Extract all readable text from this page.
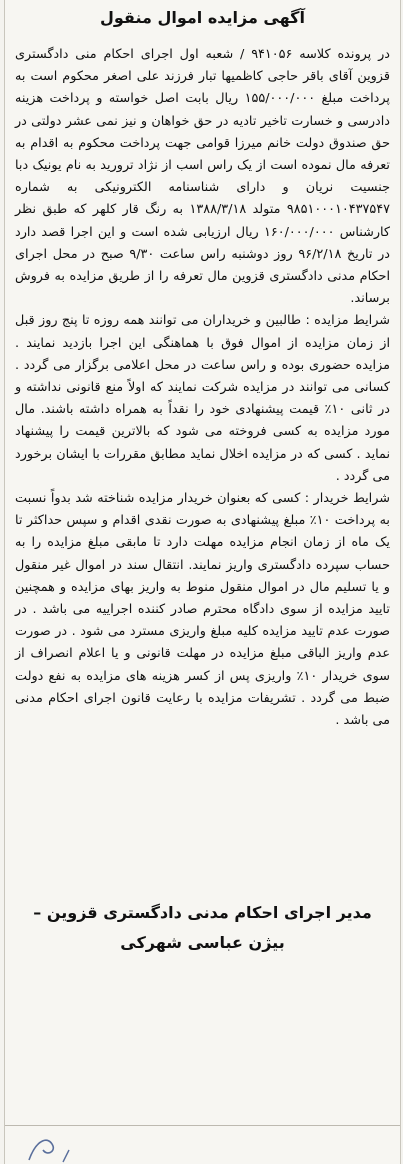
آگهی مزایده اموال منقول

در پرونده کلاسه ۹۴۱۰۵۶ / شعبه اول اجرای احکام منی دادگستری قزوین آقای باقر حاجی کاظمیها تبار فرزند علی اصغر محکوم است به پرداخت مبلغ ۱۵۵/۰۰۰/۰۰۰ ریال بابت اصل خواسته و پرداخت هزینه دادرسی و خسارت تاخیر تادیه در حق خواهان و نیز نمی عشر دولتی در حق صندوق دولت خانم میرزا قوامی جهت پرداخت محکوم به اقدام به تعرفه مال نموده است از یک راس اسب از نژاد ترورید به نام یونیک دبا جنسیت نریان و دارای شناسنامه الکترونیکی به شماره ۹۸۵۱۰۰۰۱۰۴۳۷۵۴۷ متولد ۱۳۸۸/۳/۱۸ به رنگ قار کلهر که طبق نظر کارشناس ۱۶۰/۰۰۰/۰۰۰ ریال ارزیابی شده است و این اجرا قصد دارد در تاریخ ۹۶/۲/۱۸ روز دوشنبه راس ساعت ۹/۳۰ صبح در محل اجرای احکام مدنی دادگستری قزوین مال تعرفه را از طریق مزایده به فروش برساند.

شرایط مزایده : طالبین و خریداران می توانند همه روزه تا پنج روز قبل از زمان مزایده از اموال فوق با هماهنگی این اجرا بازدید نمایند . مزایده حضوری بوده و راس ساعت در محل اعلامی برگزار می گردد . کسانی می توانند در مزایده شرکت نمایند که اولاً منع قانونی نداشته و در ثانی ۱۰٪ قیمت پیشنهادی خود را نقداً به همراه داشته باشند. مال مورد مزایده به کسی فروخته می شود که بالاترین قیمت را پیشنهاد نماید . کسی که در مزایده اخلال نماید مطابق مقررات با ایشان برخورد می گردد .

شرایط خریدار : کسی که بعنوان خریدار مزایده شناخته شد بدواً نسبت به پرداخت ۱۰٪ مبلغ پیشنهادی به صورت نقدی اقدام و سپس حداکثر تا یک ماه از زمان انجام مزایده مهلت دارد تا مابقی مبلغ مزایده را به حساب سپرده دادگستری واریز نمایند. انتقال سند در اموال غیر منقول و یا تسلیم مال در اموال منقول منوط به واریز بهای مزایده و همچنین تایید مزایده از سوی دادگاه محترم صادر کننده اجراییه می باشد . در صورت عدم تایید مزایده کلیه مبلغ واریزی مسترد می شود . در صورت عدم واریز الباقی مبلغ مزایده در مهلت قانونی و یا اعلام انصراف از سوی خریدار ۱۰٪ واریزی پس از کسر هزینه های مزایده به نفع دولت ضبط می گردد . تشریفات مزایده با رعایت قانون اجرای احکام مدنی می باشد .

مدیر اجرای احکام مدنی دادگستری قزوین – بیژن عباسی شهرکی
